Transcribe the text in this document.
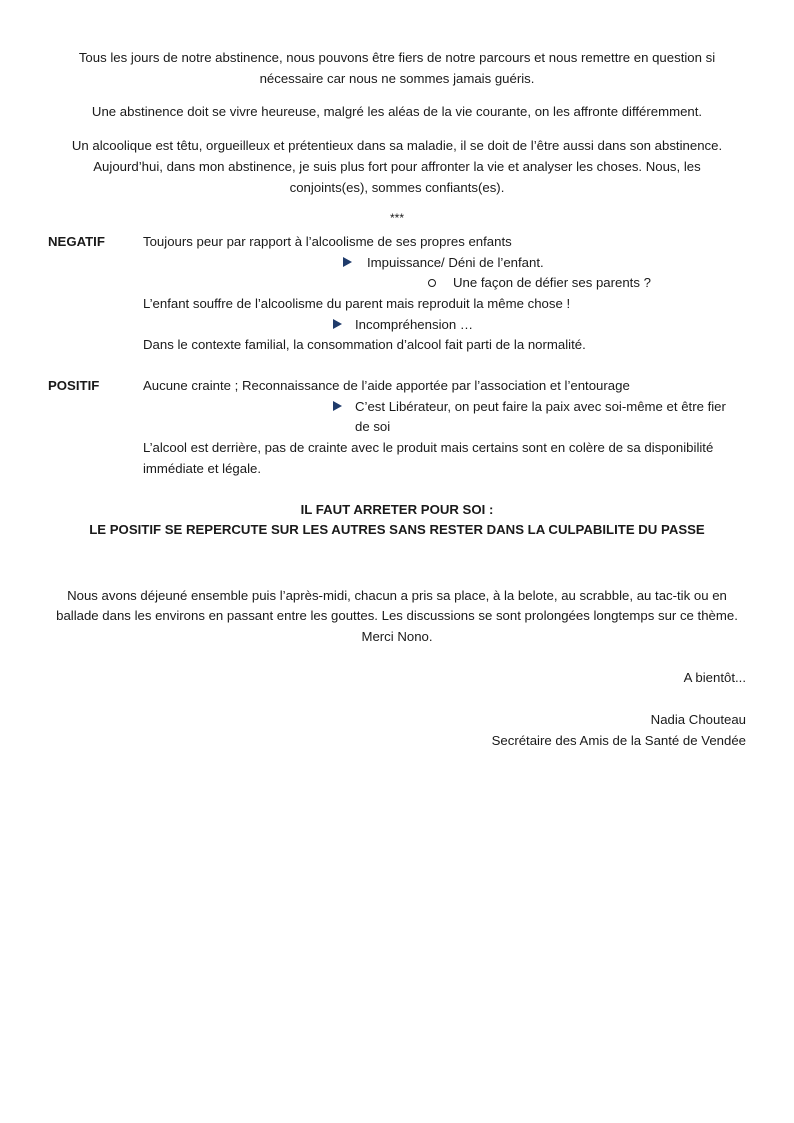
Tous les jours de notre abstinence, nous pouvons être fiers de notre parcours et nous remettre en question si

nécessaire car nous ne sommes jamais guéris.

Une abstinence doit se vivre heureuse, malgré les aléas de la vie courante, on les affronte différemment.

Un alcoolique est têtu, orgueilleux et prétentieux dans sa maladie, il se doit de l’être aussi dans son abstinence.

Aujourd’hui, dans mon abstinence, je suis plus fort pour affronter la vie et analyser les choses. Nous, les

conjoints(es), sommes confiants(es).

***

NEGATIF	Toujours peur par rapport à l’alcoolisme de ses propres enfants

Impuissance/ Déni de l’enfant.

Une façon de défier ses parents ?

L’enfant souffre de l’alcoolisme du parent mais reproduit la même chose !

Incompréhension …

Dans le contexte familial, la consommation d’alcool fait parti de la normalité.

POSITIF	Aucune crainte ; Reconnaissance de l’aide apportée par l’association et l’entourage

C’est Libérateur, on peut faire la paix avec soi-même et être fier

de soi

L’alcool est derrière, pas de crainte avec le produit mais certains sont en colère de sa disponibilité

immédiate et légale.

IL FAUT ARRETER POUR SOI :

LE POSITIF SE REPERCUTE SUR LES AUTRES SANS RESTER DANS LA CULPABILITE DU PASSE

Nous avons déjeuné ensemble puis l’après-midi, chacun a pris sa place, à la belote, au scrabble, au tac-tik ou en

ballade dans les environs en passant entre les gouttes. Les discussions se sont prolongées longtemps sur ce thème.

Merci Nono.

A bientôt...

Nadia Chouteau

Secrétaire des Amis de la Santé de Vendée
